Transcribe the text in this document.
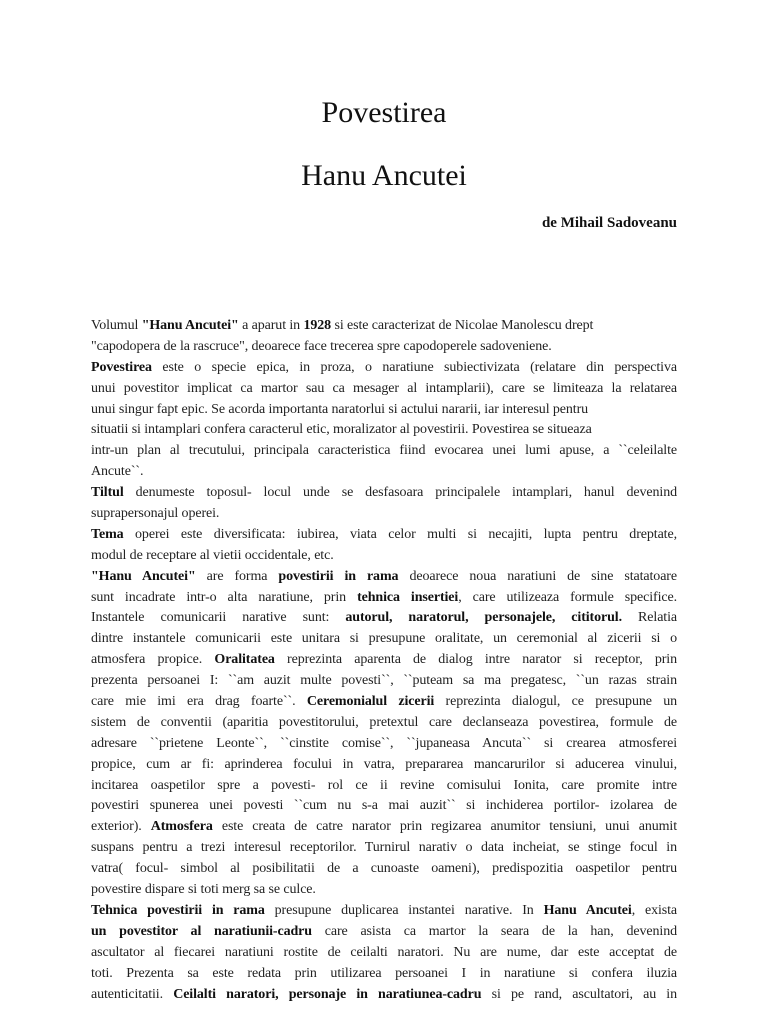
Povestirea
Hanu Ancutei

de Mihail Sadoveanu

Volumul "Hanu Ancutei" a aparut in 1928 si este caracterizat de Nicolae Manolescu drept
"capodopera de la rascruce", deoarece face trecerea spre capodoperele sadoveniene.
Povestirea este o specie epica, in proza, o naratiune subiectivizata (relatare din perspectiva
unui povestitor implicat ca martor sau ca mesager al intamplarii), care se limiteaza la relatarea
unui singur fapt epic. Se acorda importanta naratorlui si actului nararii, iar interesul pentru
situatii si intamplari confera caracterul etic, moralizator al povestirii. Povestirea se situeaza
intr-un plan al trecutului, principala caracteristica fiind evocarea unei lumi apuse, a ``celeilalte
Ancute``.
Tiltul denumeste toposul- locul unde se desfasoara principalele intamplari, hanul devenind
suprapersonajul operei.
Tema operei este diversificata: iubirea, viata celor multi si necajiti, lupta pentru dreptate,
modul de receptare al vietii occidentale, etc.
"Hanu Ancutei" are forma povestirii in rama deoarece noua naratiuni de sine statatoare
sunt incadrate intr-o alta naratiune, prin tehnica insertiei, care utilizeaza formule specifice.
Instantele comunicarii narative sunt: autorul, naratorul, personajele, cititorul. Relatia
dintre instantele comunicarii este unitara si presupune oralitate, un ceremonial al zicerii si o
atmosfera propice. Oralitatea reprezinta aparenta de dialog intre narator si receptor, prin
prezenta persoanei I: ``am auzit multe povesti``, ``puteam sa ma pregatesc, ``un razas strain
care mie imi era drag foarte``. Ceremonialul zicerii reprezinta dialogul, ce presupune un
sistem de conventii (aparitia povestitorului, pretextul care declanseaza povestirea, formule de
adresare ``prietene Leonte``, ``cinstite comise``, ``jupaneasa Ancuta`` si crearea atmosferei
propice, cum ar fi: aprinderea focului in vatra, prepararea mancarurilor si aducerea vinului,
incitarea oaspetilor spre a povesti- rol ce ii revine comisului Ionita, care promite intre
povestiri spunerea unei povesti ``cum nu s-a mai auzit`` si inchiderea portilor- izolarea de
exterior). Atmosfera este creata de catre narator prin regizarea anumitor tensiuni, unui anumit
suspans pentru a trezi interesul receptorilor. Turnirul narativ o data incheiat, se stinge focul in
vatra( focul- simbol al posibilitatii de a cunoaste oameni), predispozitia oaspetilor pentru
povestire dispare si toti merg sa se culce.
Tehnica povestirii in rama presupune duplicarea instantei narative. In Hanu Ancutei, exista
un povestitor al naratiunii-cadru care asista ca martor la seara de la han, devenind
ascultator al fiecarei naratiuni rostite de ceilalti naratori. Nu are nume, dar este acceptat de
toti. Prezenta sa este redata prin utilizarea persoanei I in naratiune si confera iluzia
autenticitatii. Ceilalti naratori, personaje in naratiunea-cadru si pe rand, ascultatori, au in
